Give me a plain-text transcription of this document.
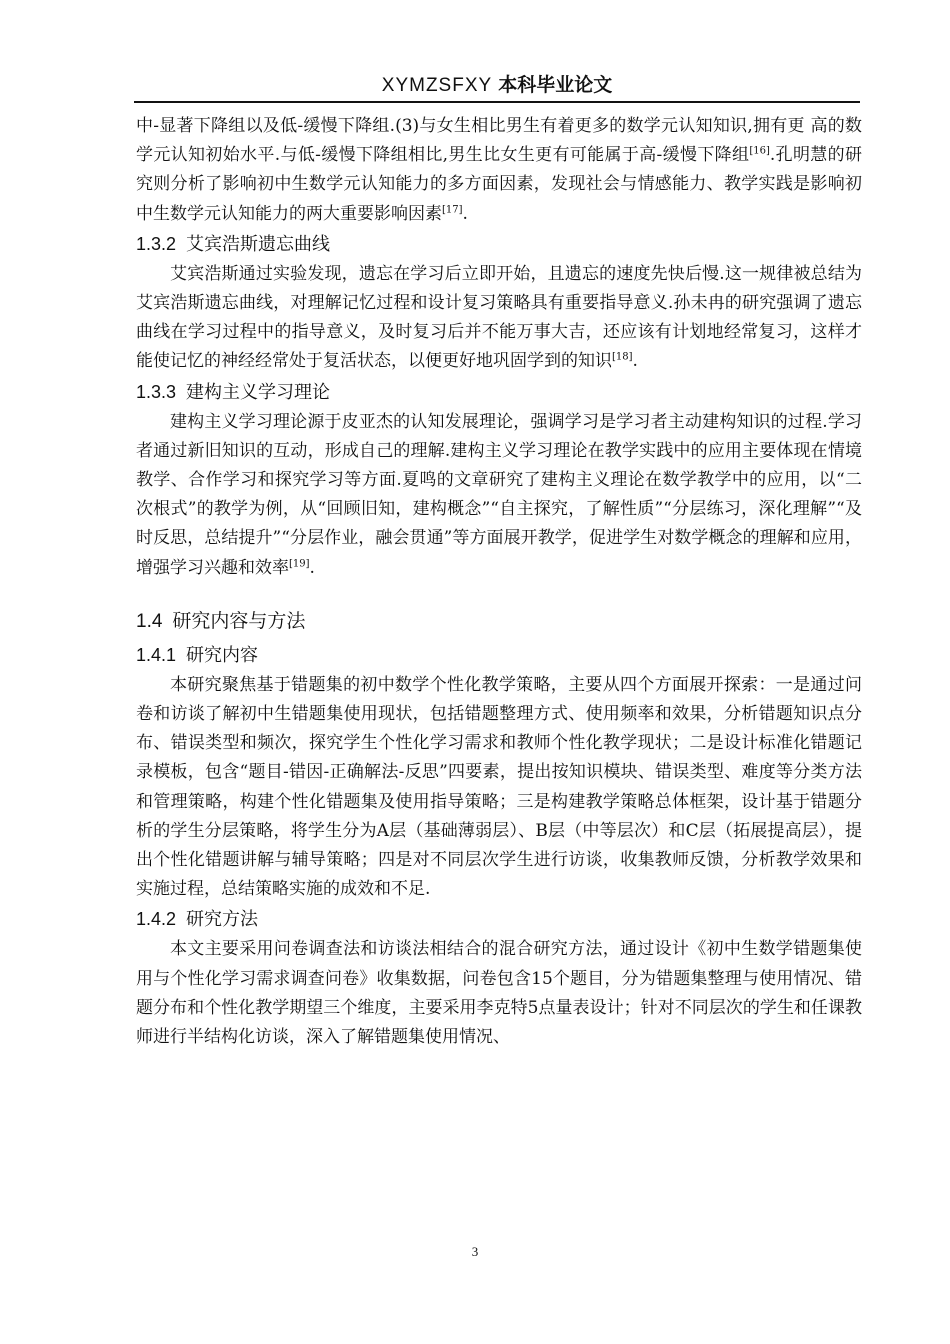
XYMZSFXY 本科毕业论文

中-显著下降组以及低-缓慢下降组.(3)与女生相比男生有着更多的数学元认知知识,拥有更 高的数学元认知初始水平.与低-缓慢下降组相比,男生比女生更有可能属于高-缓慢下降组[16].孔明慧的研究则分析了影响初中生数学元认知能力的多方面因素，发现社会与情感能力、教学实践是影响初中生数学元认知能力的两大重要影响因素[17].

1.3.2 艾宾浩斯遗忘曲线

艾宾浩斯通过实验发现，遗忘在学习后立即开始，且遗忘的速度先快后慢.这一规律被总结为艾宾浩斯遗忘曲线，对理解记忆过程和设计复习策略具有重要指导意义.孙未冉的研究强调了遗忘曲线在学习过程中的指导意义，及时复习后并不能万事大吉，还应该有计划地经常复习，这样才能使记忆的神经经常处于复活状态，以便更好地巩固学到的知识[18].

1.3.3 建构主义学习理论

建构主义学习理论源于皮亚杰的认知发展理论，强调学习是学习者主动建构知识的过程.学习者通过新旧知识的互动，形成自己的理解.建构主义学习理论在教学实践中的应用主要体现在情境教学、合作学习和探究学习等方面.夏鸣的文章研究了建构主义理论在数学教学中的应用，以“二次根式”的教学为例，从“回顾旧知，建构概念”“自主探究，了解性质”“分层练习，深化理解”“及时反思，总结提升”“分层作业，融会贯通”等方面展开教学，促进学生对数学概念的理解和应用，增强学习兴趣和效率[19].

1.4 研究内容与方法
1.4.1 研究内容

本研究聚焦基于错题集的初中数学个性化教学策略，主要从四个方面展开探索：一是通过问卷和访谈了解初中生错题集使用现状，包括错题整理方式、使用频率和效果，分析错题知识点分布、错误类型和频次，探究学生个性化学习需求和教师个性化教学现状；二是设计标准化错题记录模板，包含“题目-错因-正确解法-反思”四要素，提出按知识模块、错误类型、难度等分类方法和管理策略，构建个性化错题集及使用指导策略；三是构建教学策略总体框架，设计基于错题分析的学生分层策略，将学生分为A层（基础薄弱层）、B层（中等层次）和C层（拓展提高层），提出个性化错题讲解与辅导策略；四是对不同层次学生进行访谈，收集教师反馈，分析教学效果和实施过程，总结策略实施的成效和不足.

1.4.2 研究方法

本文主要采用问卷调查法和访谈法相结合的混合研究方法，通过设计《初中生数学错题集使用与个性化学习需求调查问卷》收集数据，问卷包含15个题目，分为错题集整理与使用情况、错题分布和个性化教学期望三个维度，主要采用李克特5点量表设计；针对不同层次的学生和任课教师进行半结构化访谈，深入了解错题集使用情况、

3
